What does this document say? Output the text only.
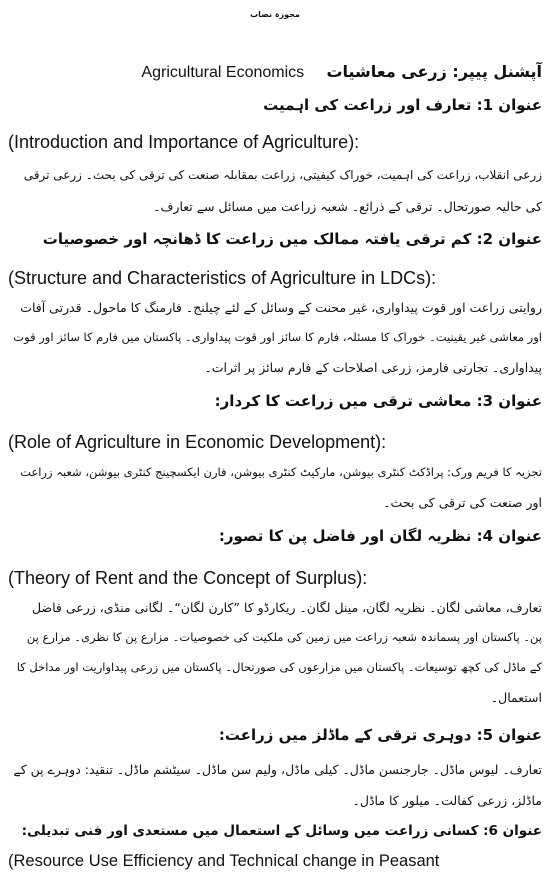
مجوزہ نصاب
آپشنل پیپر: زرعی معاشیات    Agricultural Economics
عنوان 1: تعارف اور زراعت کی اہمیت
(Introduction and Importance of Agriculture):
زرعی انقلاب، زراعت کی اہمیت، خوراک کیفیتی، زراعت بمقابلہ صنعت کی ترقی کی بحث۔ زرعی ترقی
کی حالیہ صورتحال۔ ترقی کے ذرائع۔ شعبہ زراعت میں مسائل سے تعارف۔
عنوان 2: کم ترقی یافتہ ممالک میں زراعت کا ڈھانچہ اور خصوصیات
(Structure and Characteristics of Agriculture in LDCs):
روایتی زراعت اور قوت پیداواری، غیر محنت کے وسائل کے لئے چیلنج۔ فارمنگ کا ماحول۔ قدرتی آفات
اور معاشی غیر یقینیت۔ خوراک کا مسئلہ، فارم کا سائز اور قوت پیداواری۔ پاکستان میں فارم کا سائز اور قوت
پیداواری۔ تجارتی فارمز، زرعی اصلاحات کے فارم سائز پر اثرات۔
عنوان 3: معاشی ترقی میں زراعت کا کردار:
(Role of Agriculture in Economic Development):
تجزیہ کا فریم ورک: پراڈکٹ کنٹری بیوشن، مارکیٹ کنٹری بیوشن، فارن ایکسچینج کنٹری بیوشن، شعبہ زراعت
اور صنعت کی ترقی کی بحث۔
عنوان 4: نظریہ لگان اور فاضل پن کا تصور:
(Theory of Rent and the Concept of Surplus):
تعارف، معاشی لگان۔ نظریہ لگان، مینل لگان۔ ریکارڈو کا ”کارن لگان“۔ لگانی منڈی، زرعی فاضل
پن۔ پاکستان اور پسماندہ شعبہ زراعت میں زمین کی ملکیت کی خصوصیات۔ مزارع پن کا نظری۔ مزارع پن
کے ماڈل کی کچھ توسیعات۔ پاکستان میں مزارعوں کی صورتحال۔ پاکستان میں زرعی پیداواریت اور مداخل کا
استعمال۔
عنوان 5: دوہری ترقی کے ماڈلز میں زراعت:
تعارف۔ لیوس ماڈل۔ جارجنسن ماڈل۔ کیلی ماڈل، ولیم سن ماڈل۔ سیٹشم ماڈل۔ تنقید: دوہرے پن کے
ماڈلز، زرعی کفالت۔ میلور کا ماڈل۔
عنوان 6: کسانی زراعت میں وسائل کے استعمال میں مستعدی اور فنی تبدیلی:
(Resource Use Efficiency and Technical change in Peasant
